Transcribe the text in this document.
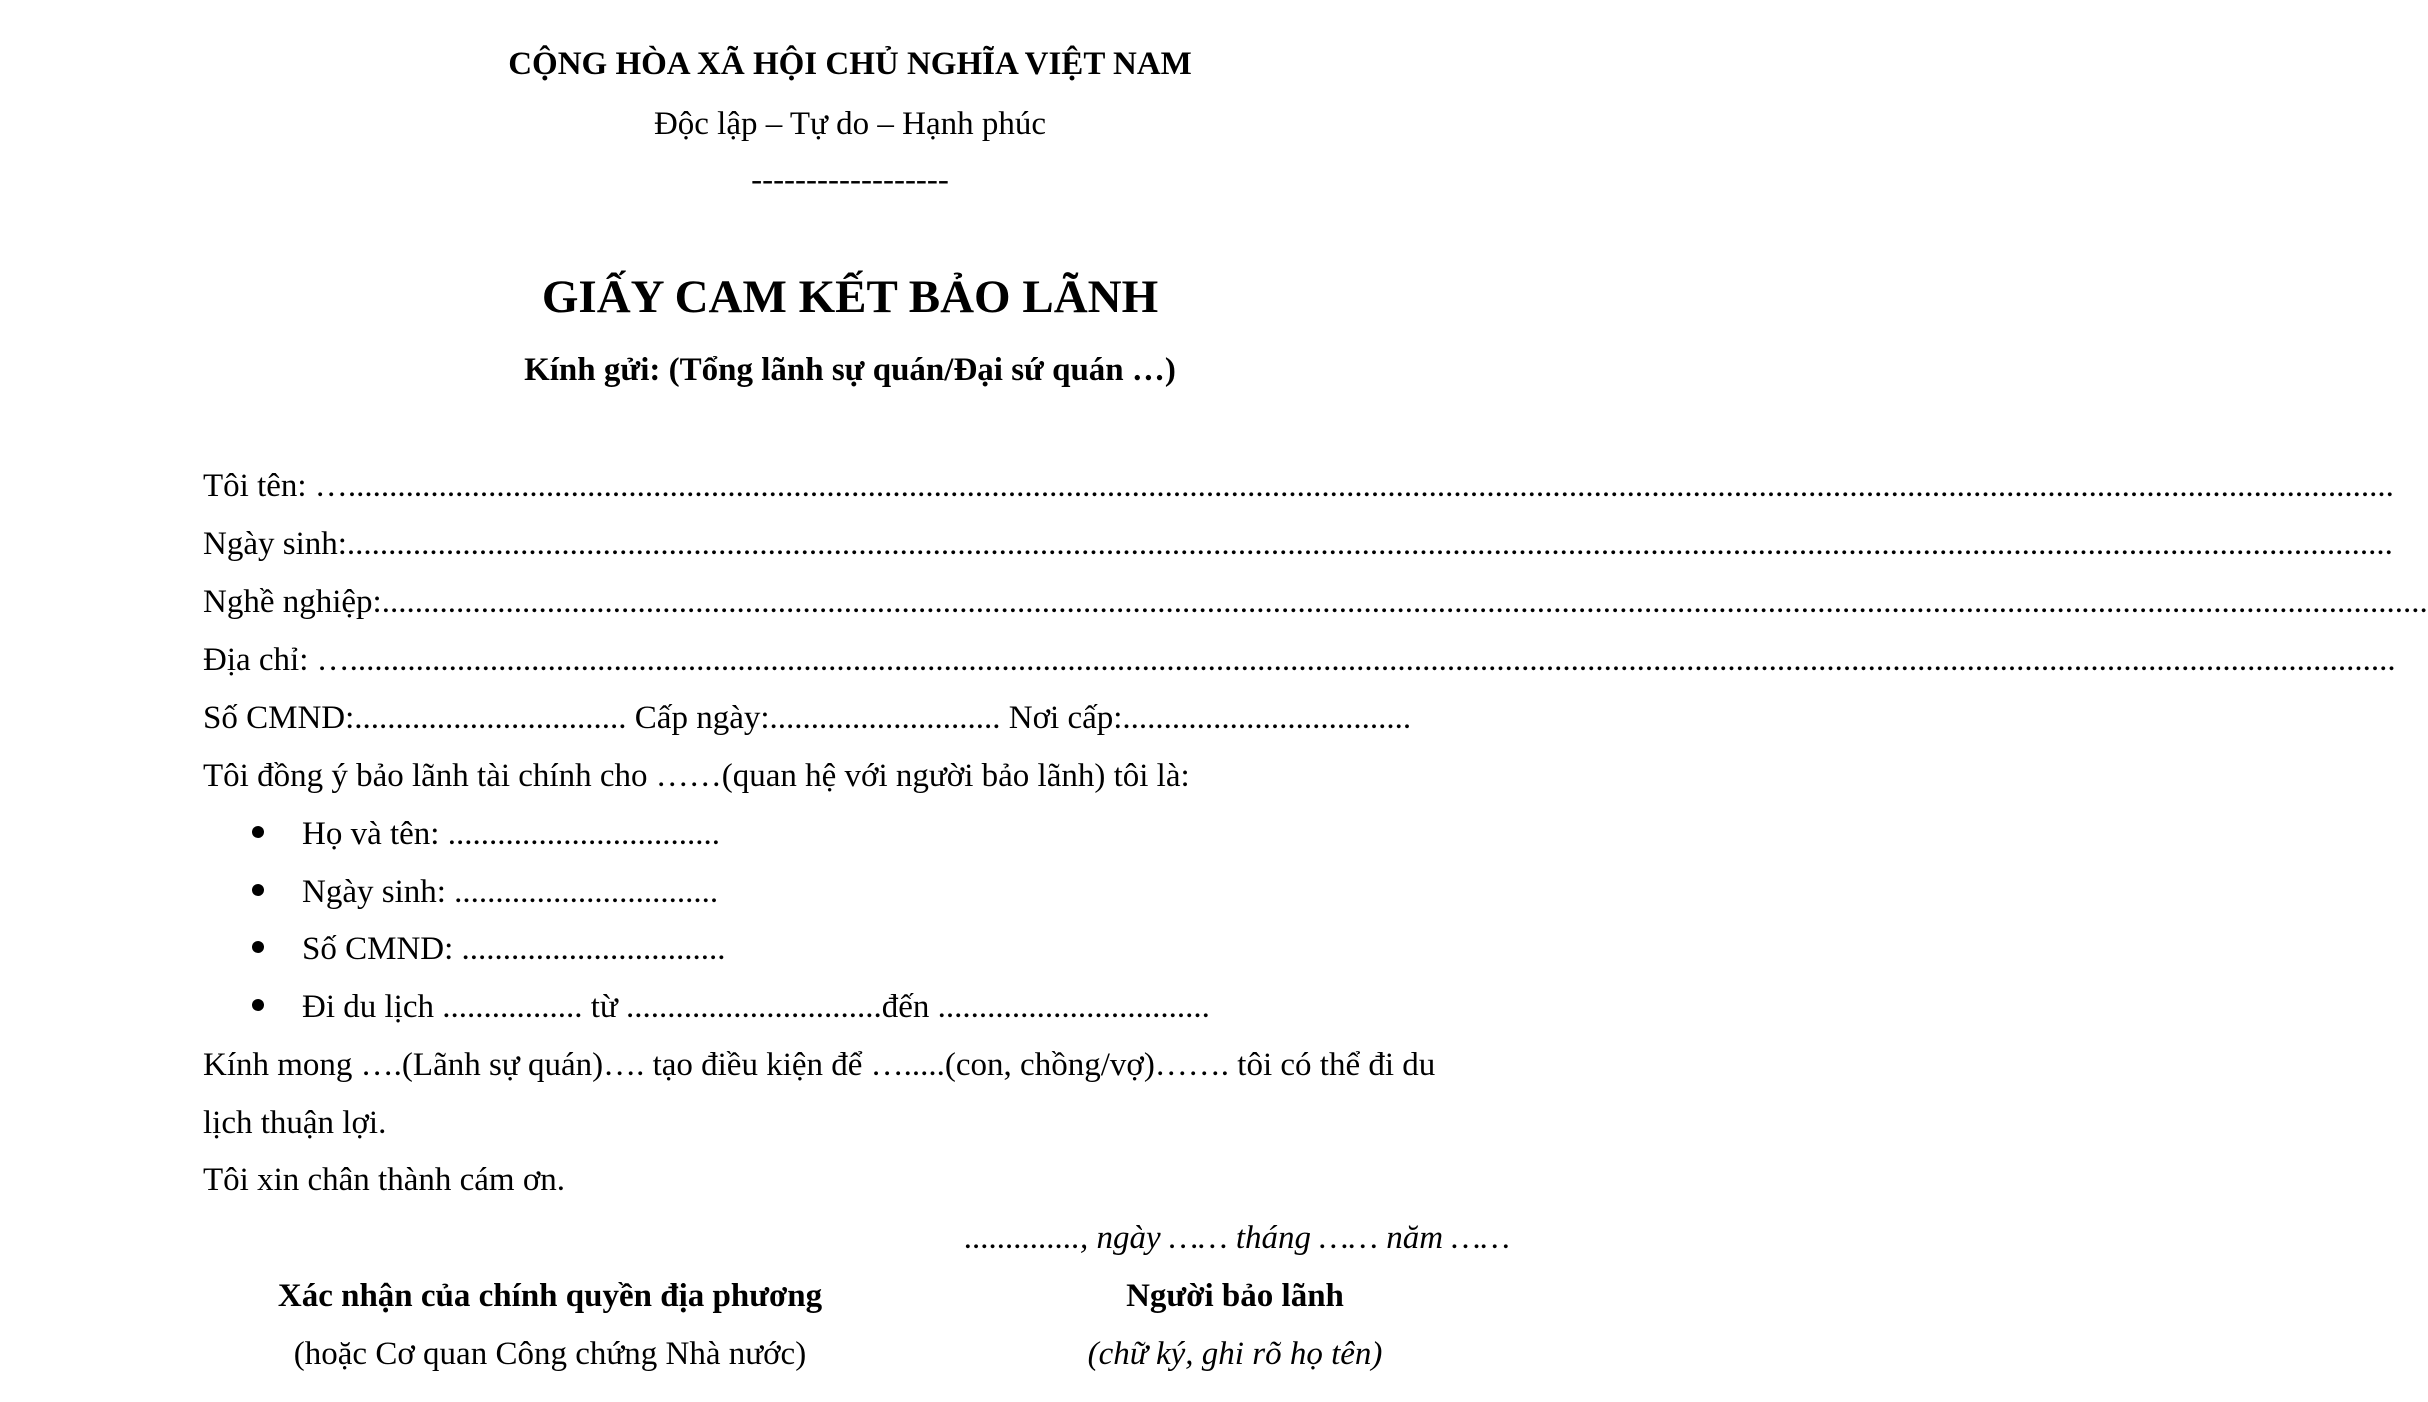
CỘNG HÒA XÃ HỘI CHỦ NGHĨA VIỆT NAM
Độc lập – Tự do – Hạnh phúc
------------------
GIẤY CAM KẾT BẢO LÃNH
Kính gửi: (Tổng lãnh sự quán/Đại sứ quán …)
Tôi tên: … ........................................................................................................................................................................................................................................................
Ngày sinh: ........................................................................................................................................................................................................................................................
Nghề nghiệp: ........................................................................................................................................................................................................................................................
Địa chỉ: … ........................................................................................................................................................................................................................................................
Số CMND:................................. Cấp ngày:............................ Nơi cấp:...................................
Tôi đồng ý bảo lãnh tài chính cho ……(quan hệ với người bảo lãnh) tôi là:
Họ và tên: .................................
Ngày sinh: ................................
Số CMND: ................................
Đi du lịch ................. từ ...............................đến .................................
Kính mong ….(Lãnh sự quán)…. tạo điều kiện để ….....(con, chồng/vợ)……. tôi có thể đi du
lịch thuận lợi.
Tôi xin chân thành cám ơn.
.............., ngày …… tháng …… năm ……
Xác nhận của chính quyền địa phương
(hoặc Cơ quan Công chứng Nhà nước)
Người bảo lãnh
(chữ ký, ghi rõ họ tên)
